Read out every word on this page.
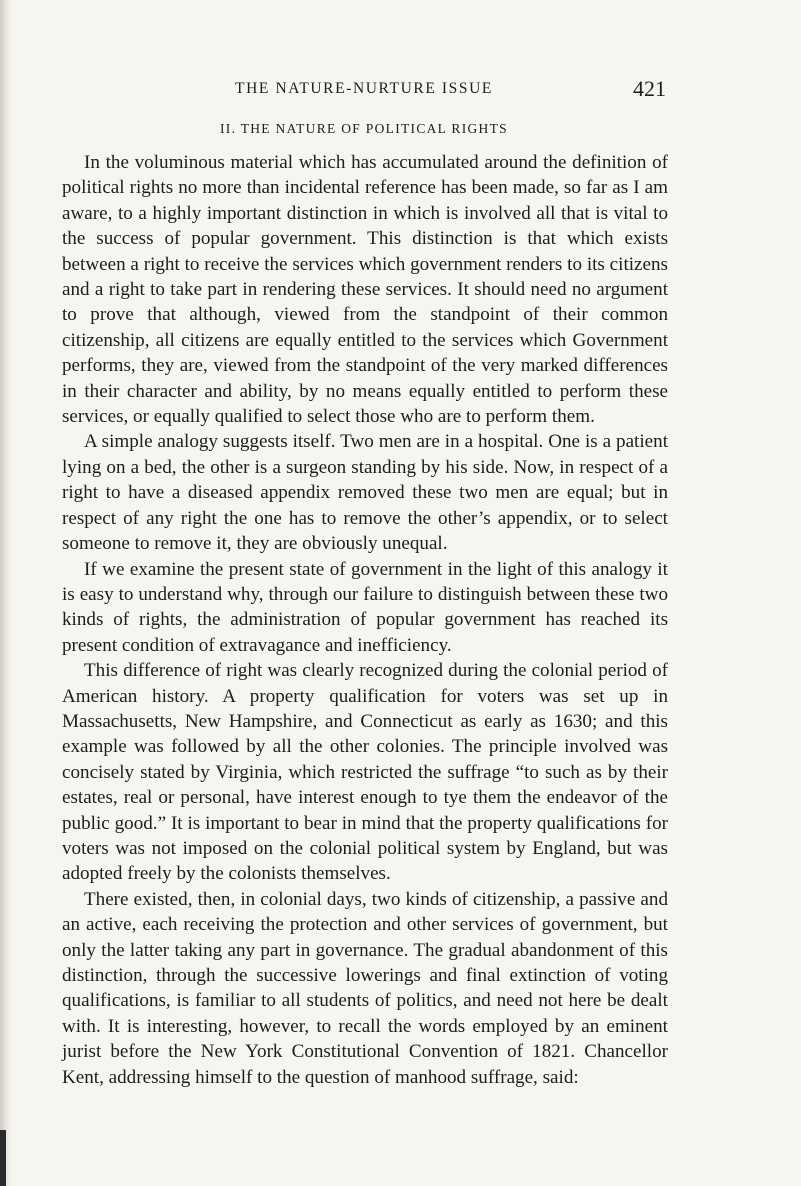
THE NATURE-NURTURE ISSUE	421
II. THE NATURE OF POLITICAL RIGHTS

In the voluminous material which has accumulated around the definition of political rights no more than incidental reference has been made, so far as I am aware, to a highly important distinction in which is involved all that is vital to the success of popular government. This distinction is that which exists between a right to receive the services which government renders to its citizens and a right to take part in rendering these services. It should need no argument to prove that although, viewed from the standpoint of their common citizenship, all citizens are equally entitled to the services which Government performs, they are, viewed from the standpoint of the very marked differences in their character and ability, by no means equally entitled to perform these services, or equally qualified to select those who are to perform them.

A simple analogy suggests itself. Two men are in a hospital. One is a patient lying on a bed, the other is a surgeon standing by his side. Now, in respect of a right to have a diseased appendix removed these two men are equal; but in respect of any right the one has to remove the other’s appendix, or to select someone to remove it, they are obviously unequal.

If we examine the present state of government in the light of this analogy it is easy to understand why, through our failure to distinguish between these two kinds of rights, the administration of popular government has reached its present condition of extravagance and inefficiency.

This difference of right was clearly recognized during the colonial period of American history. A property qualification for voters was set up in Massachusetts, New Hampshire, and Connecticut as early as 1630; and this example was followed by all the other colonies. The principle involved was concisely stated by Virginia, which restricted the suffrage “to such as by their estates, real or personal, have interest enough to tye them the endeavor of the public good.” It is important to bear in mind that the property qualifications for voters was not imposed on the colonial political system by England, but was adopted freely by the colonists themselves.

There existed, then, in colonial days, two kinds of citizenship, a passive and an active, each receiving the protection and other services of government, but only the latter taking any part in governance. The gradual abandonment of this distinction, through the successive lowerings and final extinction of voting qualifications, is familiar to all students of politics, and need not here be dealt with. It is interesting, however, to recall the words employed by an eminent jurist before the New York Constitutional Convention of 1821. Chancellor Kent, addressing himself to the question of manhood suffrage, said:
